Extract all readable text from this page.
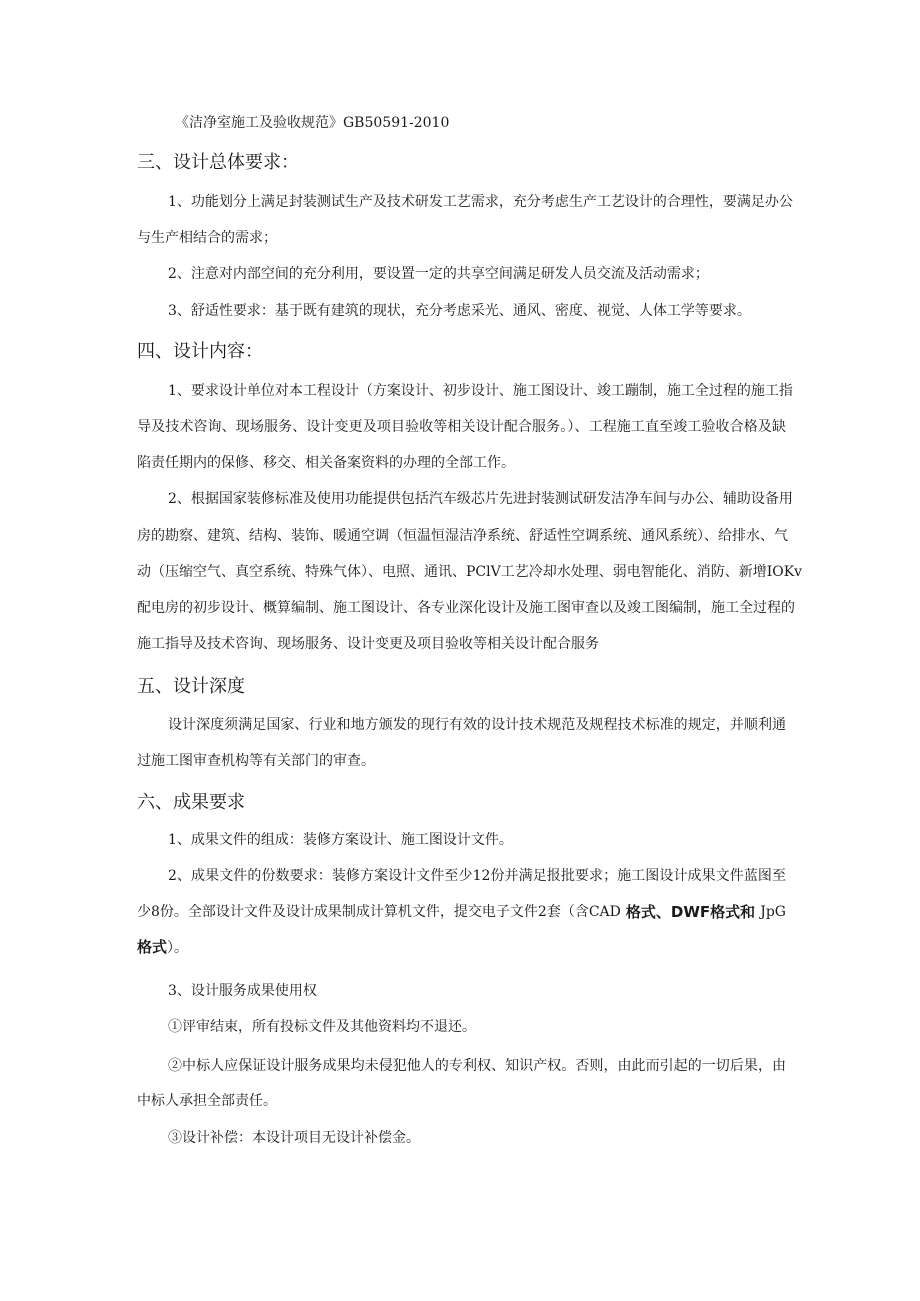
《洁净室施工及验收规范》GB50591-2010
三、设计总体要求：
1、功能划分上满足封装测试生产及技术研发工艺需求，充分考虑生产工艺设计的合理性，要满足办公
与生产相结合的需求；
2、注意对内部空间的充分利用，要设置一定的共享空间满足研发人员交流及活动需求；
3、舒适性要求：基于既有建筑的现状，充分考虑采光、通风、密度、视觉、人体工学等要求。
四、设计内容：
1、要求设计单位对本工程设计（方案设计、初步设计、施工图设计、竣工蹦制，施工全过程的施工指
导及技术咨询、现场服务、设计变更及项目验收等相关设计配合服务。）、工程施工直至竣工验收合格及缺
陷责任期内的保修、移交、相关备案资料的办理的全部工作。
2、根据国家装修标准及使用功能提供包括汽车级芯片先进封装测试研发洁净车间与办公、辅助设备用
房的勘察、建筑、结构、装饰、暖通空调（恒温恒湿洁净系统、舒适性空调系统、通风系统）、给排水、气
动（压缩空气、真空系统、特殊气体）、电照、通讯、PClV工艺冷却水处理、弱电智能化、消防、新增IOKv
配电房的初步设计、概算编制、施工图设计、各专业深化设计及施工图审查以及竣工图编制，施工全过程的
施工指导及技术咨询、现场服务、设计变更及项目验收等相关设计配合服务
五、设计深度
设计深度须满足国家、行业和地方颁发的现行有效的设计技术规范及规程技术标准的规定，并顺利通
过施工图审查机构等有关部门的审查。
六、成果要求
1、成果文件的组成：装修方案设计、施工图设计文件。
2、成果文件的份数要求：装修方案设计文件至少12份并满足报批要求；施工图设计成果文件蓝图至
少8份。全部设计文件及设计成果制成计算机文件，提交电子文件2套（含CAD 格式、DWF格式和 JpG
格式）。
3、设计服务成果使用权
①评审结束，所有投标文件及其他资料均不退还。
②中标人应保证设计服务成果均未侵犯他人的专利权、知识产权。否则，由此而引起的一切后果，由
中标人承担全部责任。
③设计补偿：本设计项目无设计补偿金。
